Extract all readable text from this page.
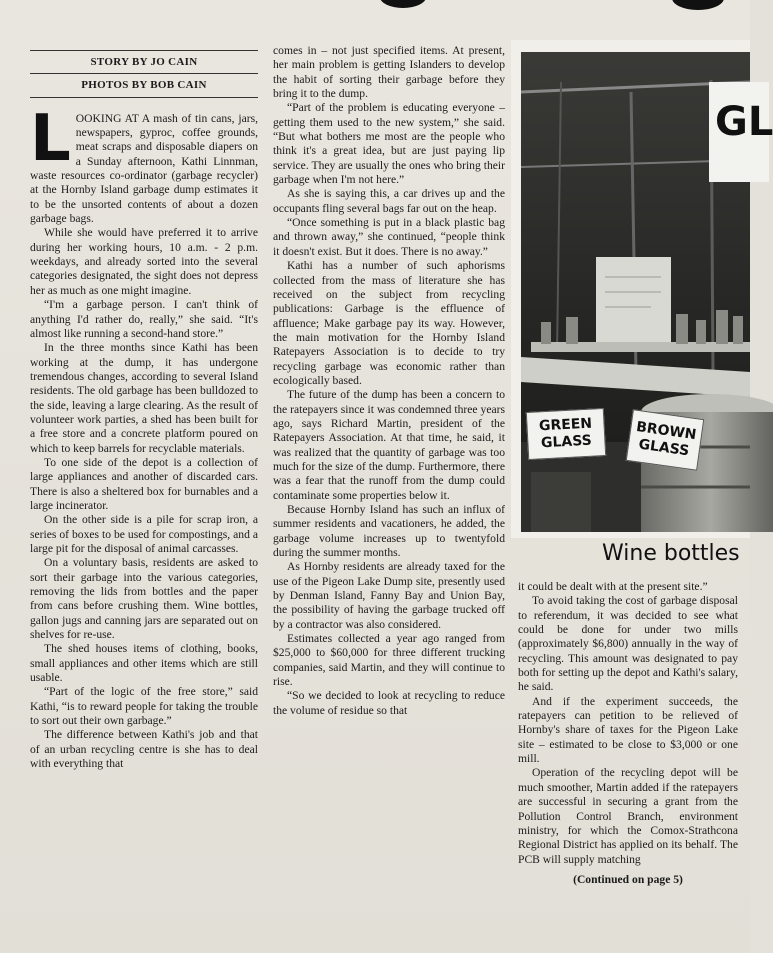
STORY BY JO CAIN
PHOTOS BY BOB CAIN

L OOKING AT A mash of tin cans, jars, newspapers, gyproc, coffee grounds, meat scraps and disposable diapers on a Sunday afternoon, Kathi Linnman, waste resources co-ordinator (garbage recycler) at the Hornby Island garbage dump estimates it to be the unsorted contents of about a dozen garbage bags.

While she would have preferred it to arrive during her working hours, 10 a.m. - 2 p.m. weekdays, and already sorted into the several categories designated, the sight does not depress her as much as one might imagine.

“I'm a garbage person. I can't think of anything I'd rather do, really,” she said. “It's almost like running a second-hand store.”

In the three months since Kathi has been working at the dump, it has undergone tremendous changes, according to several Island residents. The old garbage has been bulldozed to the side, leaving a large clearing. As the result of volunteer work parties, a shed has been built for a free store and a concrete platform poured on which to keep barrels for recyclable materials.

To one side of the depot is a collection of large appliances and another of discarded cars. There is also a sheltered box for burnables and a large incinerator.

On the other side is a pile for scrap iron, a series of boxes to be used for compostings, and a large pit for the disposal of animal carcasses.

On a voluntary basis, residents are asked to sort their garbage into the various categories, removing the lids from bottles and the paper from cans before crushing them. Wine bottles, gallon jugs and canning jars are separated out on shelves for re-use.

The shed houses items of clothing, books, small appliances and other items which are still usable.

“Part of the logic of the free store,” said Kathi, “is to reward people for taking the trouble to sort out their own garbage.”

The difference between Kathi's job and that of an urban recycling centre is she has to deal with everything that

comes in – not just specified items. At present, her main problem is getting Islanders to develop the habit of sorting their garbage before they bring it to the dump.

“Part of the problem is educating everyone – getting them used to the new system,” she said. “But what bothers me most are the people who think it's a great idea, but are just paying lip service. They are usually the ones who bring their garbage when I'm not here.”

As she is saying this, a car drives up and the occupants fling several bags far out on the heap.

“Once something is put in a black plastic bag and thrown away,” she continued, “people think it doesn't exist. But it does. There is no away.”

Kathi has a number of such aphorisms collected from the mass of literature she has received on the subject from recycling publications: Garbage is the effluence of affluence; Make garbage pay its way. However, the main motivation for the Hornby Island Ratepayers Association is to decide to try recycling garbage was economic rather than ecologically based.

The future of the dump has been a concern to the ratepayers since it was condemned three years ago, says Richard Martin, president of the Ratepayers Association. At that time, he said, it was realized that the quantity of garbage was too much for the size of the dump. Furthermore, there was a fear that the runoff from the dump could contaminate some properties below it.

Because Hornby Island has such an influx of summer residents and vacationers, he added, the garbage volume increases up to twentyfold during the summer months.

As Hornby residents are already taxed for the use of the Pigeon Lake Dump site, presently used by Denman Island, Fanny Bay and Union Bay, the possibility of having the garbage trucked off by a contractor was also considered.

Estimates collected a year ago ranged from $25,000 to $60,000 for three different trucking companies, said Martin, and they will continue to rise.

“So we decided to look at recycling to reduce the volume of residue so that

GL
GREEN GLASS	BROWN GLASS
Wine bottles

it could be dealt with at the present site.”

To avoid taking the cost of garbage disposal to referendum, it was decided to see what could be done for under two mills (approximately $6,800) annually in the way of recycling. This amount was designated to pay both for setting up the depot and Kathi's salary, he said.

And if the experiment succeeds, the ratepayers can petition to be relieved of Hornby's share of taxes for the Pigeon Lake site – estimated to be close to $3,000 or one mill.

Operation of the recycling depot will be much smoother, Martin added if the ratepayers are successful in securing a grant from the Pollution Control Branch, environment ministry, for which the Comox-Strathcona Regional District has applied on its behalf. The PCB will supply matching

(Continued on page 5)
